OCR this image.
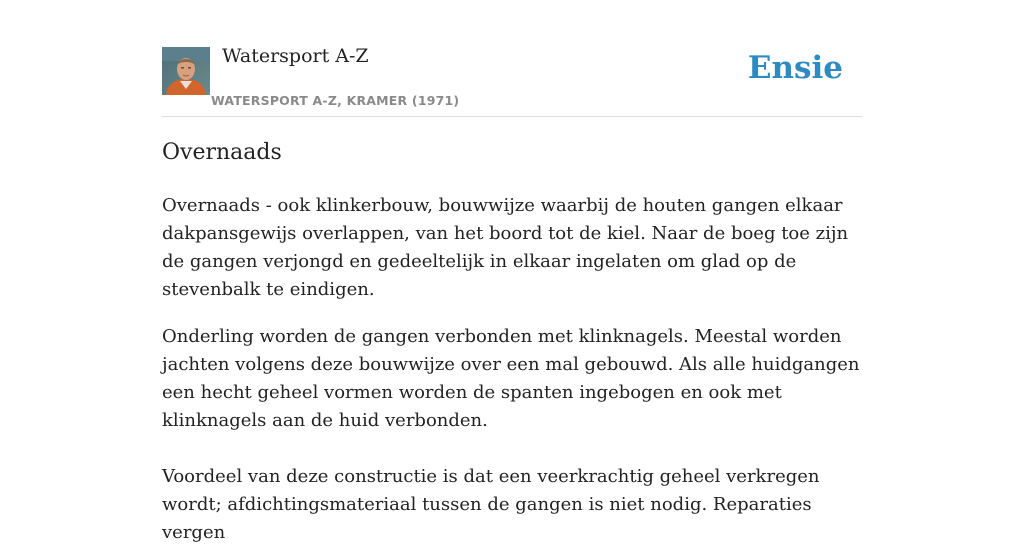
Watersport A-Z
WATERSPORT A-Z, KRAMER (1971)
Ensie
Overnaads

Overnaads - ook klinkerbouw, bouwwijze waarbij de houten gangen elkaar dakpansgewijs overlappen, van het boord tot de kiel. Naar de boeg toe zijn de gangen verjongd en gedeeltelijk in elkaar ingelaten om glad op de stevenbalk te eindigen.

Onderling worden de gangen verbonden met klinknagels. Meestal worden jachten volgens deze bouwwijze over een mal gebouwd. Als alle huidgangen een hecht geheel vormen worden de spanten ingebogen en ook met klinknagels aan de huid verbonden.

Voordeel van deze constructie is dat een veerkrachtig geheel verkregen wordt; afdichtingsmateriaal tussen de gangen is niet nodig. Reparaties vergen
